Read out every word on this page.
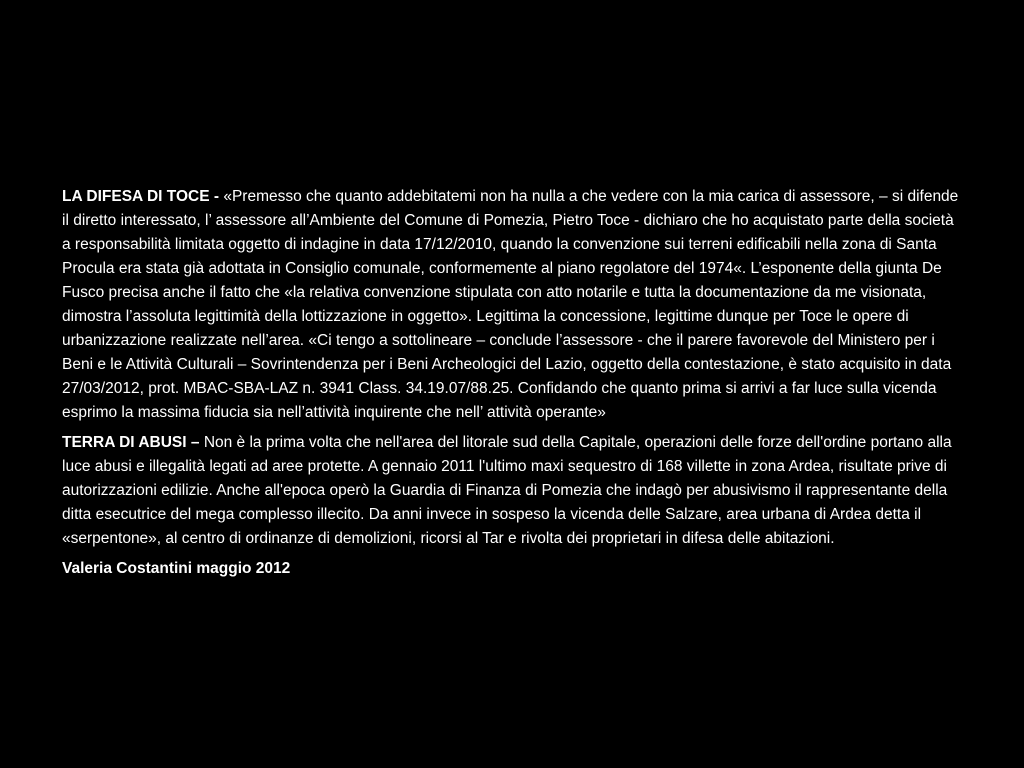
LA DIFESA DI TOCE - «Premesso che quanto addebitatemi non ha nulla a che vedere con la mia carica di assessore, – si difende il diretto interessato, l’ assessore all’Ambiente del Comune di Pomezia, Pietro Toce - dichiaro che ho acquistato parte della società a responsabilità limitata oggetto di indagine in data 17/12/2010, quando la convenzione sui terreni edificabili nella zona di Santa Procula era stata già adottata in Consiglio comunale, conformemente al piano regolatore del 1974«. L’esponente della giunta De Fusco precisa anche il fatto che «la relativa convenzione stipulata con atto notarile e tutta la documentazione da me visionata, dimostra l’assoluta legittimità della lottizzazione in oggetto». Legittima la concessione, legittime dunque per Toce le opere di urbanizzazione realizzate nell’area. «Ci tengo a sottolineare – conclude l’assessore - che il parere favorevole del Ministero per i Beni e le Attività Culturali – Sovrintendenza per i Beni Archeologici del Lazio, oggetto della contestazione, è stato acquisito in data 27/03/2012, prot. MBAC-SBA-LAZ n. 3941 Class. 34.19.07/88.25. Confidando che quanto prima si arrivi a far luce sulla vicenda esprimo la massima fiducia sia nell’attività inquirente che nell’ attività operante»

TERRA DI ABUSI – Non è la prima volta che nell'area del litorale sud della Capitale, operazioni delle forze dell'ordine portano alla luce abusi e illegalità legati ad aree protette. A gennaio 2011 l'ultimo maxi sequestro di 168 villette in zona Ardea, risultate prive di autorizzazioni edilizie. Anche all'epoca operò la Guardia di Finanza di Pomezia che indagò per abusivismo il rappresentante della ditta esecutrice del mega complesso illecito. Da anni invece in sospeso la vicenda delle Salzare, area urbana di Ardea detta il «serpentone», al centro di ordinanze di demolizioni, ricorsi al Tar e rivolta dei proprietari in difesa delle abitazioni.

Valeria Costantini maggio 2012
